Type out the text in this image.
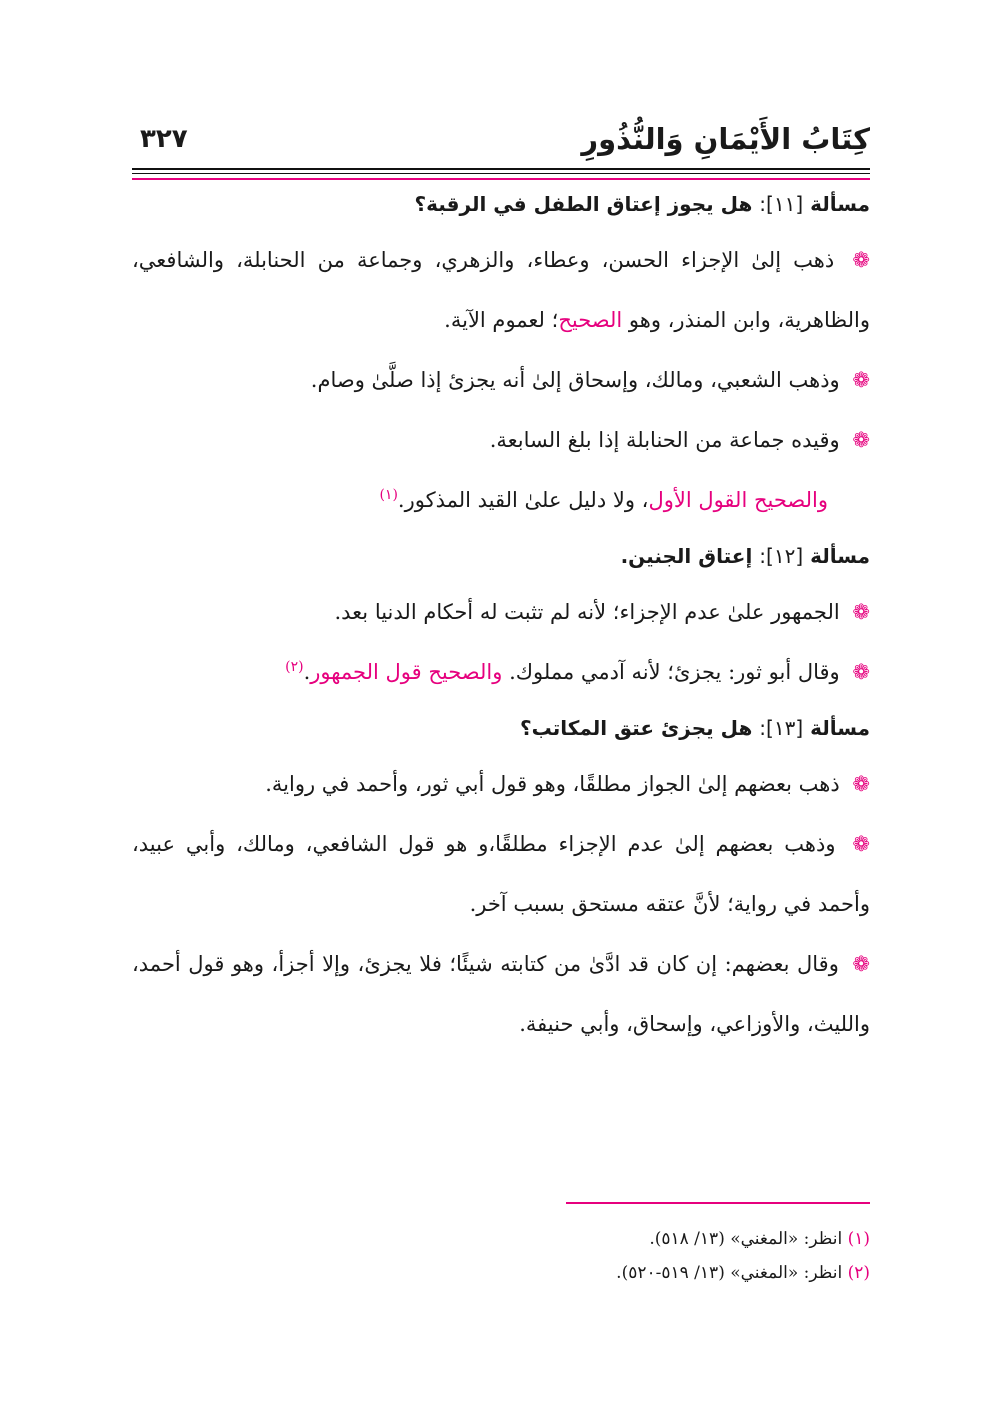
كِتَابُ الأَيْمَانِ وَالنُّذُورِ
٣٢٧

مسألة [١١]: هل يجوز إعتاق الطفل في الرقبة؟

❁ ذهب إلىٰ الإجزاء الحسن، وعطاء، والزهري، وجماعة من الحنابلة، والشافعي، والظاهرية، وابن المنذر، وهو الصحيح؛ لعموم الآية.

❁ وذهب الشعبي، ومالك، وإسحاق إلىٰ أنه يجزئ إذا صلَّىٰ وصام.

❁ وقيده جماعة من الحنابلة إذا بلغ السابعة.

والصحيح القول الأول، ولا دليل علىٰ القيد المذكور.$^{(١)}$

مسألة [١٢]: إعتاق الجنين.

❁ الجمهور علىٰ عدم الإجزاء؛ لأنه لم تثبت له أحكام الدنيا بعد.

❁ وقال أبو ثور: يجزئ؛ لأنه آدمي مملوك. والصحيح قول الجمهور.$^{(٢)}$

مسألة [١٣]: هل يجزئ عتق المكاتب؟

❁ ذهب بعضهم إلىٰ الجواز مطلقًا، وهو قول أبي ثور، وأحمد في رواية.

❁ وذهب بعضهم إلىٰ عدم الإجزاء مطلقًا،و هو قول الشافعي، ومالك، وأبي عبيد، وأحمد في رواية؛ لأنَّ عتقه مستحق بسبب آخر.

❁ وقال بعضهم: إن كان قد ادَّىٰ من كتابته شيئًا؛ فلا يجزئ، وإلا أجزأ، وهو قول أحمد، والليث، والأوزاعي، وإسحاق، وأبي حنيفة.

(١) انظر: «المغني» (١٣/ ٥١٨).

(٢) انظر: «المغني» (١٣/ ٥١٩-٥٢٠).
